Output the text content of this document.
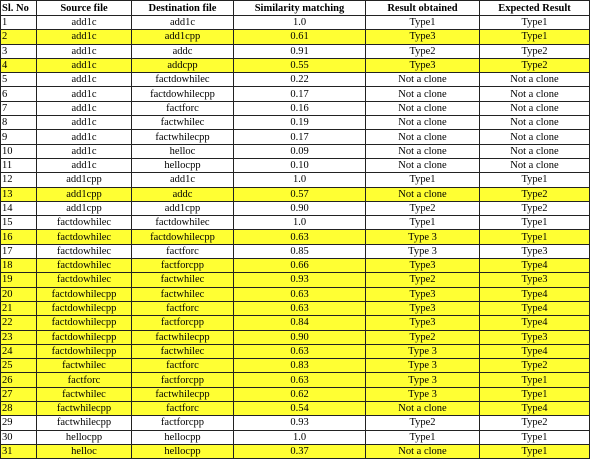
Sl. No	Source file	Destination file	Similarity matching	Result obtained	Expected Result
1	add1c	add1c	1.0	Type1	Type1
2	add1c	add1cpp	0.61	Type3	Type1
3	add1c	addc	0.91	Type2	Type2
4	add1c	addcpp	0.55	Type3	Type2
5	add1c	factdowhilec	0.22	Not a clone	Not a clone
6	add1c	factdowhilecpp	0.17	Not a clone	Not a clone
7	add1c	factforc	0.16	Not a clone	Not a clone
8	add1c	factwhilec	0.19	Not a clone	Not a clone
9	add1c	factwhilecpp	0.17	Not a clone	Not a clone
10	add1c	helloc	0.09	Not a clone	Not a clone
11	add1c	hellocpp	0.10	Not a clone	Not a clone
12	add1cpp	add1c	1.0	Type1	Type1
13	add1cpp	addc	0.57	Not a clone	Type2
14	add1cpp	add1cpp	0.90	Type2	Type2
15	factdowhilec	factdowhilec	1.0	Type1	Type1
16	factdowhilec	factdowhilecpp	0.63	Type 3	Type1
17	factdowhilec	factforc	0.85	Type 3	Type3
18	factdowhilec	factforcpp	0.66	Type3	Type4
19	factdowhilec	factwhilec	0.93	Type2	Type3
20	factdowhilecpp	factwhilec	0.63	Type3	Type4
21	factdowhilecpp	factforc	0.63	Type3	Type4
22	factdowhilecpp	factforcpp	0.84	Type3	Type4
23	factdowhilecpp	factwhilecpp	0.90	Type2	Type3
24	factdowhilecpp	factwhilec	0.63	Type 3	Type4
25	factwhilec	factforc	0.83	Type 3	Type2
26	factforc	factforcpp	0.63	Type 3	Type1
27	factwhilec	factwhilecpp	0.62	Type 3	Type1
28	factwhilecpp	factforc	0.54	Not a clone	Type4
29	factwhilecpp	factforcpp	0.93	Type2	Type2
30	hellocpp	hellocpp	1.0	Type1	Type1
31	helloc	hellocpp	0.37	Not a clone	Type1
